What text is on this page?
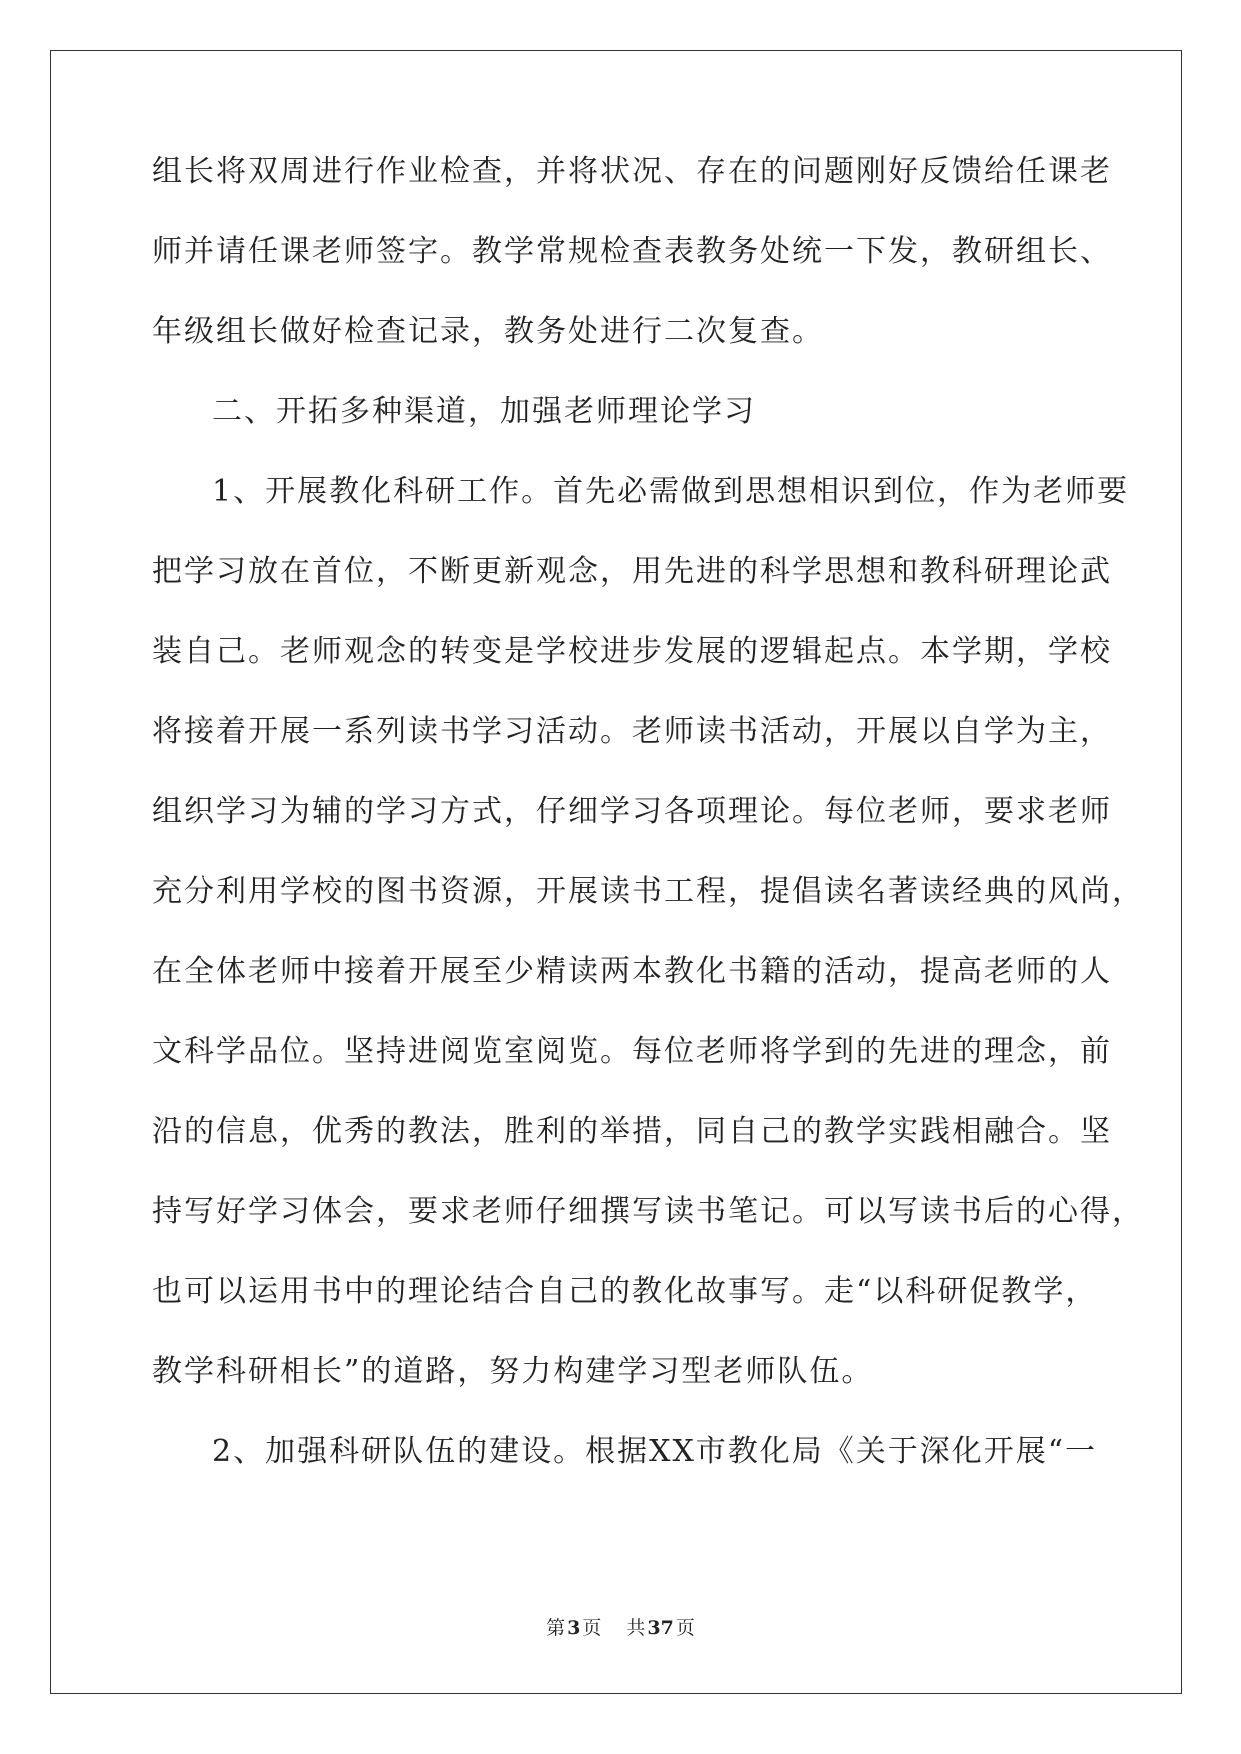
组长将双周进行作业检查，并将状况、存在的问题刚好反馈给任课老
师并请任课老师签字。教学常规检查表教务处统一下发，教研组长、
年级组长做好检查记录，教务处进行二次复查。
二、开拓多种渠道，加强老师理论学习
1、开展教化科研工作。首先必需做到思想相识到位，作为老师要
把学习放在首位，不断更新观念，用先进的科学思想和教科研理论武
装自己。老师观念的转变是学校进步发展的逻辑起点。本学期，学校
将接着开展一系列读书学习活动。老师读书活动，开展以自学为主，
组织学习为辅的学习方式，仔细学习各项理论。每位老师，要求老师
充分利用学校的图书资源，开展读书工程，提倡读名著读经典的风尚，
在全体老师中接着开展至少精读两本教化书籍的活动，提高老师的人
文科学品位。坚持进阅览室阅览。每位老师将学到的先进的理念，前
沿的信息，优秀的教法，胜利的举措，同自己的教学实践相融合。坚
持写好学习体会，要求老师仔细撰写读书笔记。可以写读书后的心得，
也可以运用书中的理论结合自己的教化故事写。走“以科研促教学，
教学科研相长”的道路，努力构建学习型老师队伍。
2、加强科研队伍的建设。根据XX市教化局《关于深化开展“一
第 3 页   共 37 页
